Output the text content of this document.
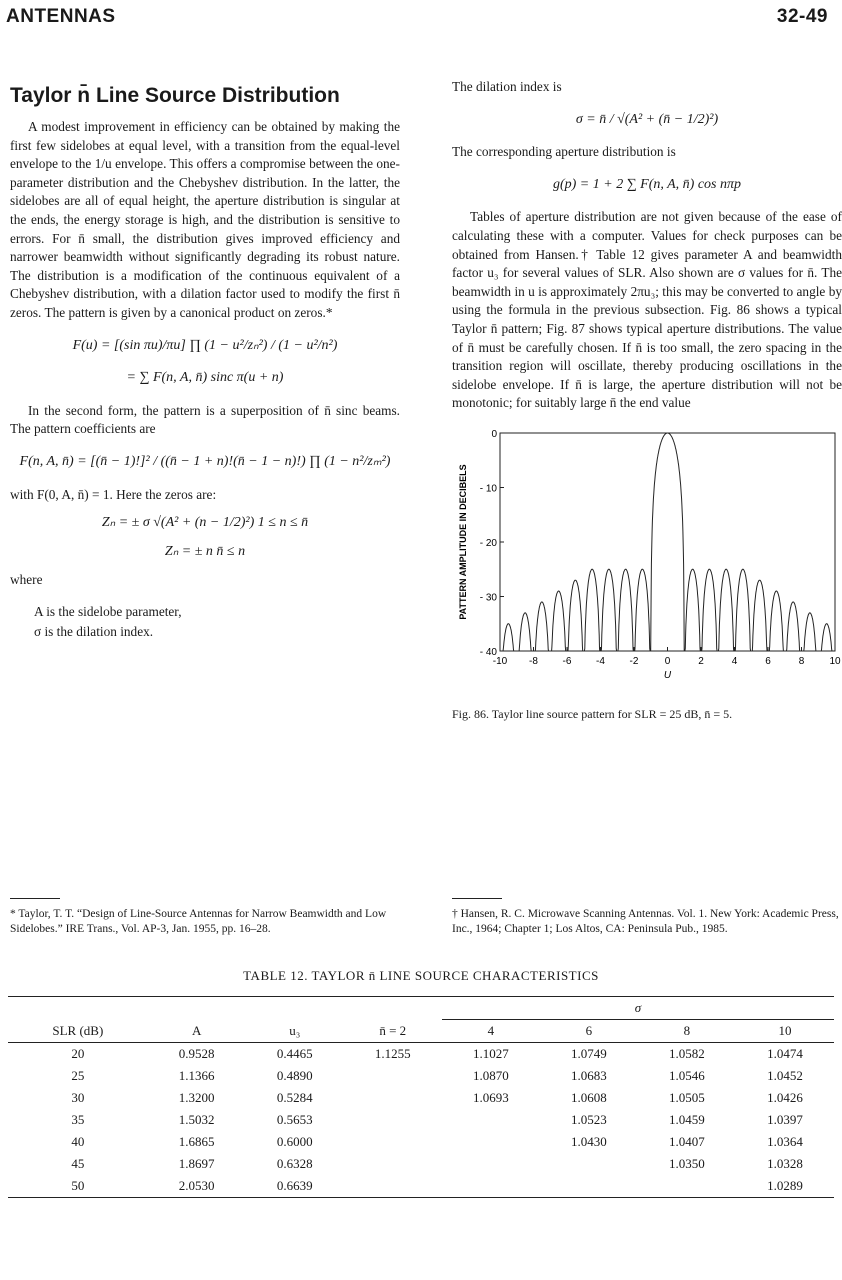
ANTENNAS	32-49
Taylor n̄ Line Source Distribution

A modest improvement in efficiency can be obtained by making the first few sidelobes at equal level, with a transition from the equal-level envelope to the 1/u envelope. This offers a compromise between the one-parameter distribution and the Chebyshev distribution. In the latter, the sidelobes are all of equal height, the aperture distribution is singular at the ends, the energy storage is high, and the distribution is sensitive to errors. For n̄ small, the distribution gives improved efficiency and narrower beamwidth without significantly degrading its robust nature. The distribution is a modification of the continuous equivalent of a Chebyshev distribution, with a dilation factor used to modify the first n̄ zeros. The pattern is given by a canonical product on zeros.*

F(u) = [(sin πu)/πu] ∏ (1 − u²/zₙ²) / (1 − u²/n²)
= ∑ F(n, A, n̄) sinc π(u + n)

In the second form, the pattern is a superposition of n̄ sinc beams. The pattern coefficients are

F(n, A, n̄) = [(n̄ − 1)!]² / ((n̄ − 1 + n)!(n̄ − 1 − n)!) ∏ (1 − n²/zₘ²)

with F(0, A, n̄) = 1. Here the zeros are:

Zₙ = ± σ √(A² + (n − 1/2)²) 1 ≤ n ≤ n̄
Zₙ = ± n n̄ ≤ n

where

A is the sidelobe parameter,
σ is the dilation index.

The dilation index is

σ = n̄ / √(A² + (n̄ − 1/2)²)

The corresponding aperture distribution is

g(p) = 1 + 2 ∑ F(n, A, n̄) cos nπp

Tables of aperture distribution are not given because of the ease of calculating these with a computer. Values for check purposes can be obtained from Hansen.† Table 12 gives parameter A and beamwidth factor u₃ for several values of SLR. Also shown are σ values for n̄. The beamwidth in u is approximately 2πu₃; this may be converted to angle by using the formula in the previous subsection. Fig. 86 shows a typical Taylor n̄ pattern; Fig. 87 shows typical aperture distributions. The value of n̄ must be carefully chosen. If n̄ is too small, the zero spacing in the transition region will oscillate, thereby producing oscillations in the sidelobe envelope. If n̄ is large, the aperture distribution will not be monotonic; for suitably large n̄ the end value

-10 -8 -6 -4 -2	0	2	4	6	8	10
0
- 10
- 20
- 30
- 40
U
PATTERN AMPLITUDE IN DECIBELS
Fig. 86. Taylor line source pattern for SLR = 25 dB, n̄ = 5.
* Taylor, T. T. “Design of Line-Source Antennas for Narrow Beamwidth and Low Sidelobes.” IRE Trans., Vol. AP-3, Jan. 1955, pp. 16–28.
† Hansen, R. C. Microwave Scanning Antennas. Vol. 1. New York: Academic Press, Inc., 1964; Chapter 1; Los Altos, CA: Peninsula Pub., 1985.
TABLE 12. TAYLOR n̄ LINE SOURCE CHARACTERISTICS
				σ			
SLR (dB)	A	u₃	n̄ = 2	4	6	8	10
20	0.9528	0.4465	1.1255	1.1027	1.0749	1.0582	1.0474
25	1.1366	0.4890		1.0870	1.0683	1.0546	1.0452
30	1.3200	0.5284		1.0693	1.0608	1.0505	1.0426
35	1.5032	0.5653			1.0523	1.0459	1.0397
40	1.6865	0.6000			1.0430	1.0407	1.0364
45	1.8697	0.6328				1.0350	1.0328
50	2.0530	0.6639					1.0289
